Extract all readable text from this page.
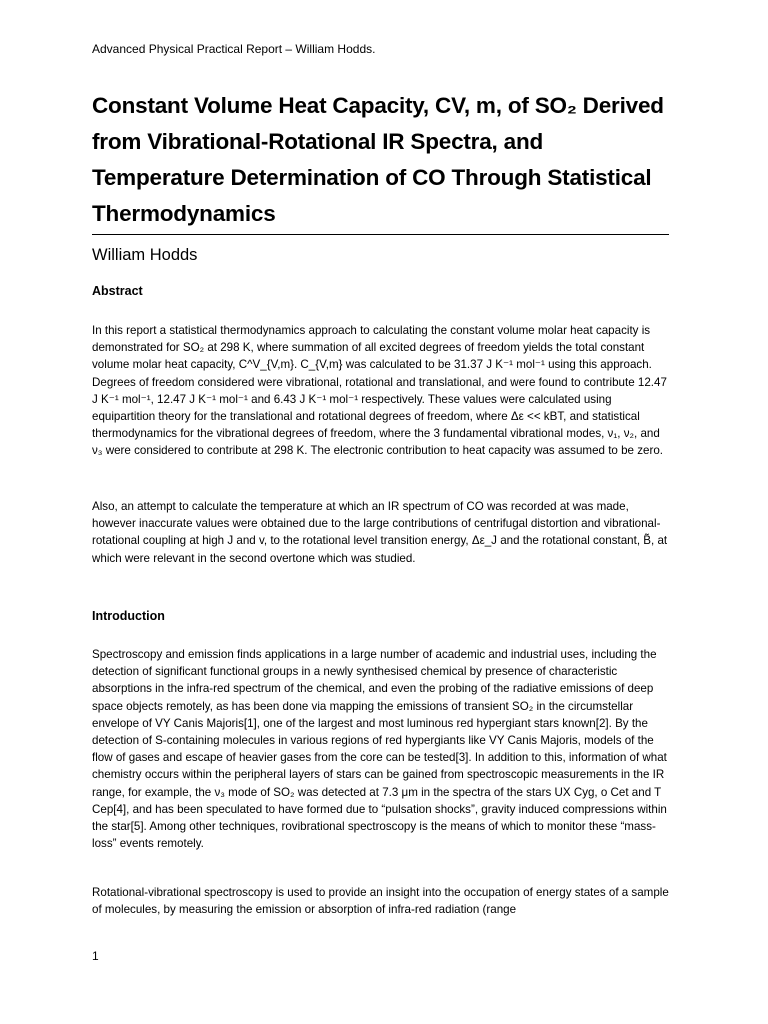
Advanced Physical Practical Report – William Hodds.
Constant Volume Heat Capacity, CV, m, of SO₂ Derived from Vibrational-Rotational IR Spectra, and Temperature Determination of CO Through Statistical Thermodynamics
William Hodds
Abstract

In this report a statistical thermodynamics approach to calculating the constant volume molar heat capacity is demonstrated for SO₂ at 298 K, where summation of all excited degrees of freedom yields the total constant volume molar heat capacity, C^V_{V,m}. C_{V,m} was calculated to be 31.37 J K⁻¹ mol⁻¹ using this approach. Degrees of freedom considered were vibrational, rotational and translational, and were found to contribute 12.47 J K⁻¹ mol⁻¹, 12.47 J K⁻¹ mol⁻¹ and 6.43 J K⁻¹ mol⁻¹ respectively. These values were calculated using equipartition theory for the translational and rotational degrees of freedom, where Δε << kBT, and statistical thermodynamics for the vibrational degrees of freedom, where the 3 fundamental vibrational modes, ν₁, ν₂, and ν₃ were considered to contribute at 298 K. The electronic contribution to heat capacity was assumed to be zero.

Also, an attempt to calculate the temperature at which an IR spectrum of CO was recorded at was made, however inaccurate values were obtained due to the large contributions of centrifugal distortion and vibrational-rotational coupling at high J and v, to the rotational level transition energy, Δε_J and the rotational constant, B̃, at which were relevant in the second overtone which was studied.

Introduction

Spectroscopy and emission finds applications in a large number of academic and industrial uses, including the detection of significant functional groups in a newly synthesised chemical by presence of characteristic absorptions in the infra-red spectrum of the chemical, and even the probing of the radiative emissions of deep space objects remotely, as has been done via mapping the emissions of transient SO₂ in the circumstellar envelope of VY Canis Majoris[1], one of the largest and most luminous red hypergiant stars known[2]. By the detection of S-containing molecules in various regions of red hypergiants like VY Canis Majoris, models of the flow of gases and escape of heavier gases from the core can be tested[3]. In addition to this, information of what chemistry occurs within the peripheral layers of stars can be gained from spectroscopic measurements in the IR range, for example, the ν₃ mode of SO₂ was detected at 7.3 μm in the spectra of the stars UX Cyg, o Cet and T Cep[4], and has been speculated to have formed due to “pulsation shocks”, gravity induced compressions within the star[5]. Among other techniques, rovibrational spectroscopy is the means of which to monitor these “mass-loss” events remotely.

Rotational-vibrational spectroscopy is used to provide an insight into the occupation of energy states of a sample of molecules, by measuring the emission or absorption of infra-red radiation (range

1
